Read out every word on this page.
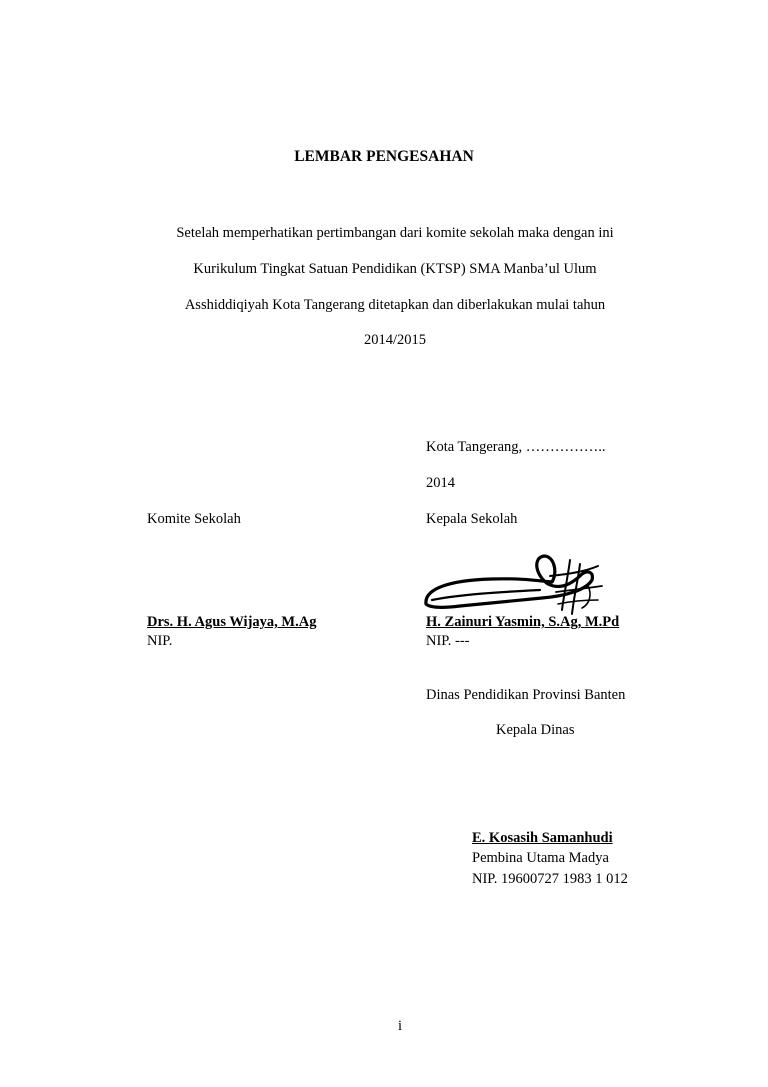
LEMBAR PENGESAHAN
Setelah memperhatikan pertimbangan dari komite sekolah maka dengan ini
Kurikulum Tingkat Satuan Pendidikan (KTSP) SMA Manba’ul Ulum
Asshiddiqiyah Kota Tangerang ditetapkan dan diberlakukan mulai tahun
2014/2015
Kota Tangerang, ……………..
2014
Komite Sekolah	Kepala Sekolah
Drs. H. Agus Wijaya, M.Ag
NIP.
H. Zainuri Yasmin, S.Ag, M.Pd
NIP. ---
Dinas Pendidikan Provinsi Banten
Kepala Dinas
E. Kosasih Samanhudi
Pembina Utama Madya
NIP. 19600727 1983 1 012
i
